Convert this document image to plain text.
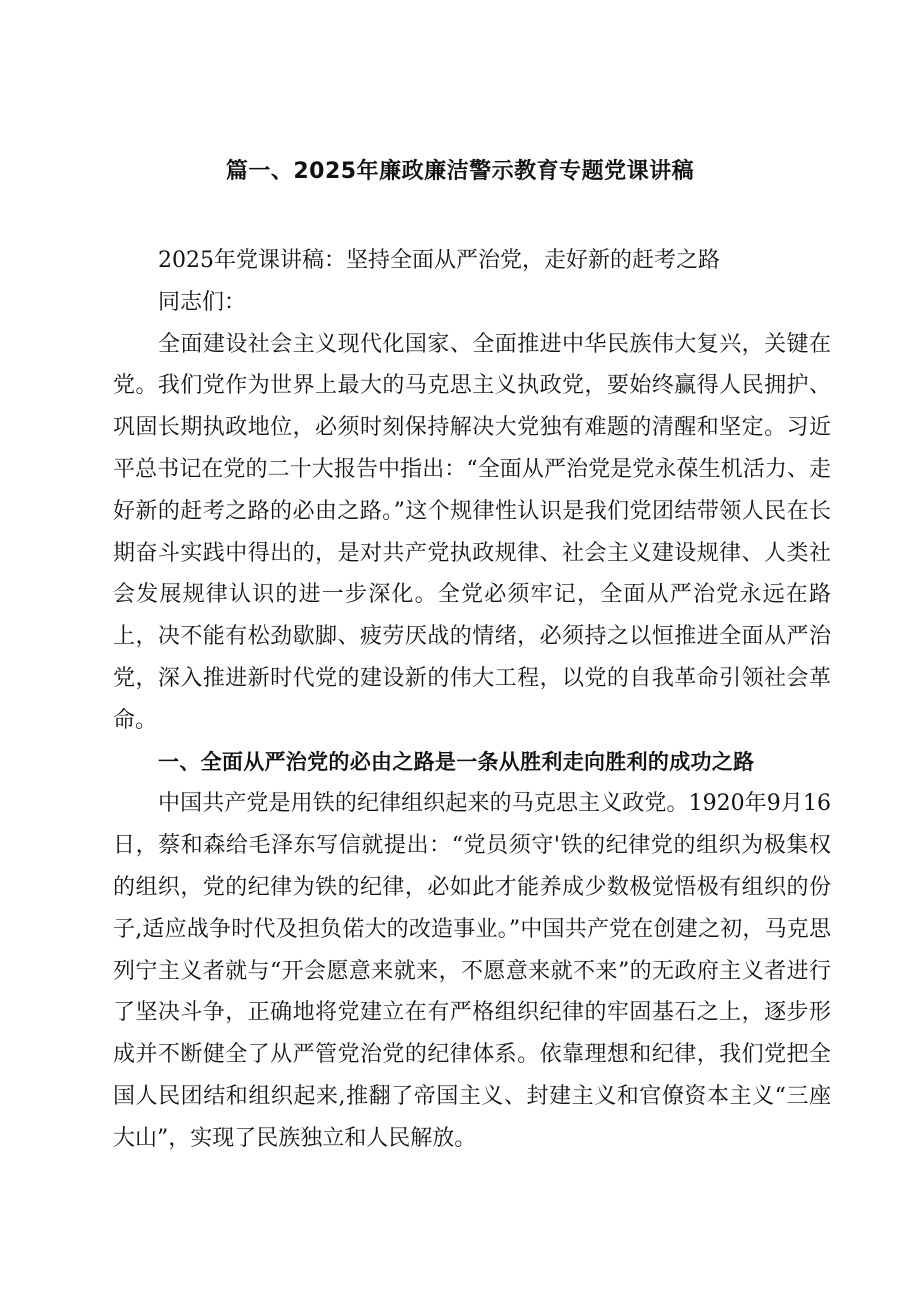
篇一、2025年廉政廉洁警示教育专题党课讲稿

2025年党课讲稿：坚持全面从严治党，走好新的赶考之路

同志们：

全面建设社会主义现代化国家、全面推进中华民族伟大复兴，关键在党。我们党作为世界上最大的马克思主义执政党，要始终赢得人民拥护、巩固长期执政地位，必须时刻保持解决大党独有难题的清醒和坚定。习近平总书记在党的二十大报告中指出：“全面从严治党是党永葆生机活力、走好新的赶考之路的必由之路。”这个规律性认识是我们党团结带领人民在长期奋斗实践中得出的，是对共产党执政规律、社会主义建设规律、人类社会发展规律认识的进一步深化。全党必须牢记，全面从严治党永远在路上，决不能有松劲歇脚、疲劳厌战的情绪，必须持之以恒推进全面从严治党，深入推进新时代党的建设新的伟大工程，以党的自我革命引领社会革命。

一、全面从严治党的必由之路是一条从胜利走向胜利的成功之路

中国共产党是用铁的纪律组织起来的马克思主义政党。1920年9月16日，蔡和森给毛泽东写信就提出：“党员须守'铁的纪律党的组织为极集权的组织，党的纪律为铁的纪律，必如此才能养成少数极觉悟极有组织的份子,适应战争时代及担负偌大的改造事业。”中国共产党在创建之初，马克思列宁主义者就与“开会愿意来就来，不愿意来就不来”的无政府主义者进行了坚决斗争，正确地将党建立在有严格组织纪律的牢固基石之上，逐步形成并不断健全了从严管党治党的纪律体系。依靠理想和纪律，我们党把全国人民团结和组织起来,推翻了帝国主义、封建主义和官僚资本主义“三座大山”，实现了民族独立和人民解放。
